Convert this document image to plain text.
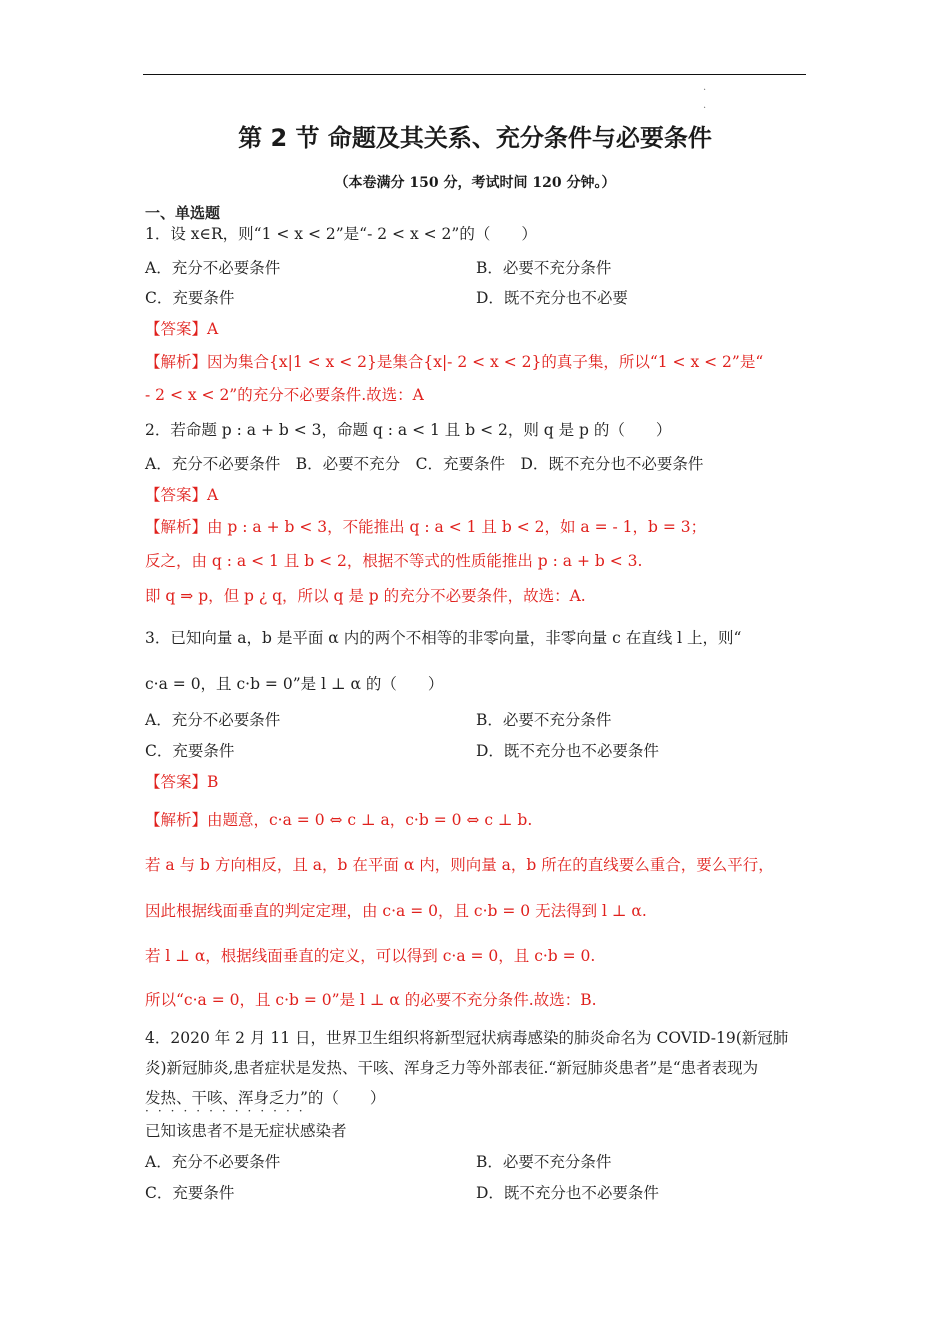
.
.
第 2 节 命题及其关系、充分条件与必要条件
（本卷满分 150 分，考试时间 120 分钟。）
一、单选题
1．设 x∈R，则“1 < x < 2”是“- 2 < x < 2”的（　　）
A．充分不必要条件	B．必要不充分条件
C．充要条件	D．既不充分也不必要
【答案】A
【解析】因为集合{x|1 < x < 2}是集合{x|- 2 < x < 2}的真子集，所以“1 < x < 2”是“
- 2 < x < 2”的充分不必要条件.故选：A
2．若命题 p : a + b < 3，命题 q : a < 1 且 b < 2，则 q 是 p 的（　　）
A．充分不必要条件　B．必要不充分　C．充要条件　D．既不充分也不必要条件
【答案】A
【解析】由 p : a + b < 3，不能推出 q : a < 1 且 b < 2，如 a = - 1，b = 3；
反之，由 q : a < 1 且 b < 2，根据不等式的性质能推出 p : a + b < 3.
即 q ⇒ p，但 p ¿ q，所以 q 是 p 的充分不必要条件，故选：A.
3．已知向量 a，b 是平面 α 内的两个不相等的非零向量，非零向量 c 在直线 l 上，则“
c·a = 0，且 c·b = 0”是 l ⊥ α 的（　　）
A．充分不必要条件	B．必要不充分条件
C．充要条件	D．既不充分也不必要条件
【答案】B
【解析】由题意，c·a = 0 ⇔ c ⊥ a，c·b = 0 ⇔ c ⊥ b.
若 a 与 b 方向相反，且 a，b 在平面 α 内，则向量 a，b 所在的直线要么重合，要么平行，
因此根据线面垂直的判定定理，由 c·a = 0，且 c·b = 0 无法得到 l ⊥ α.
若 l ⊥ α，根据线面垂直的定义，可以得到 c·a = 0，且 c·b = 0.
所以“c·a = 0，且 c·b = 0”是 l ⊥ α 的必要不充分条件.故选：B.
4．2020 年 2 月 11 日，世界卫生组织将新型冠状病毒感染的肺炎命名为 COVID-19(新冠肺
炎)新冠肺炎,患者症状是发热、干咳、浑身乏力等外部表征.“新冠肺炎患者”是“患者表现为
发热、干咳、浑身乏力”的（　　）
·············
已知该患者不是无症状感染者
A．充分不必要条件	B．必要不充分条件
C．充要条件	D．既不充分也不必要条件
